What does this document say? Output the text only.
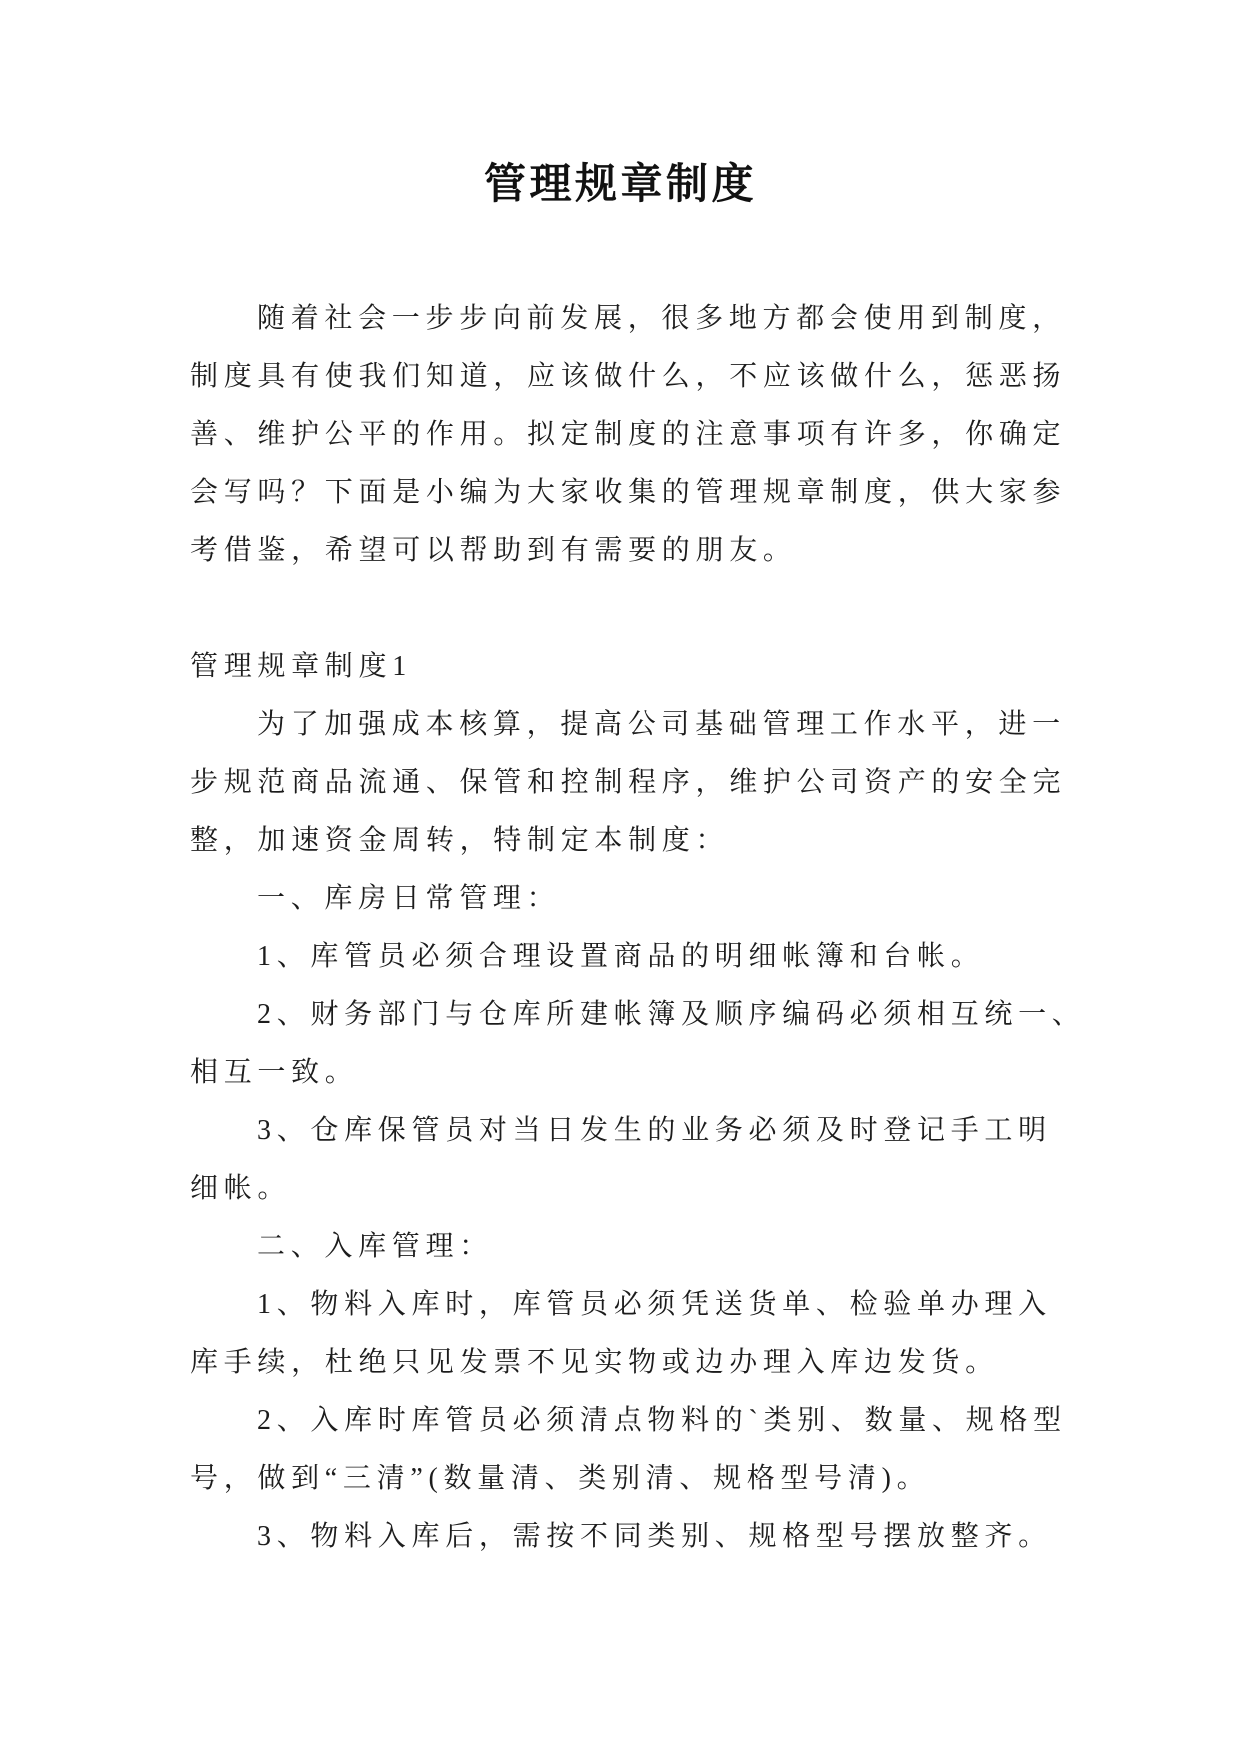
管理规章制度
随着社会一步步向前发展，很多地方都会使用到制度，
制度具有使我们知道，应该做什么，不应该做什么，惩恶扬
善、维护公平的作用。拟定制度的注意事项有许多，你确定
会写吗？下面是小编为大家收集的管理规章制度，供大家参
考借鉴，希望可以帮助到有需要的朋友。
管理规章制度1
为了加强成本核算，提高公司基础管理工作水平，进一
步规范商品流通、保管和控制程序，维护公司资产的安全完
整，加速资金周转，特制定本制度：
一、库房日常管理：
1、库管员必须合理设置商品的明细帐簿和台帐。
2、财务部门与仓库所建帐簿及顺序编码必须相互统一、
相互一致。
3、仓库保管员对当日发生的业务必须及时登记手工明
细帐。
二、入库管理：
1、物料入库时，库管员必须凭送货单、检验单办理入
库手续，杜绝只见发票不见实物或边办理入库边发货。
2、入库时库管员必须清点物料的`类别、数量、规格型
号，做到“三清”(数量清、类别清、规格型号清)。
3、物料入库后，需按不同类别、规格型号摆放整齐。
